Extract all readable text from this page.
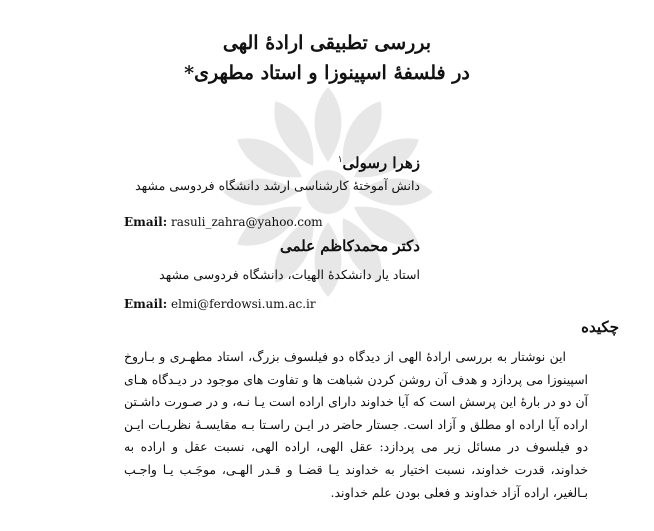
بررسی تطبیقی ارادۀ الهی
در فلسفۀ اسپینوزا و استاد مطهری*
زهرا رسولی$^١$
دانش آموختۀ کارشناسی ارشد دانشگاه فردوسی مشهد
Email: rasuli_zahra@yahoo.com
دکتر محمدکاظم علمی
استاد یار دانشکدۀ الهیات، دانشگاه فردوسی مشهد
Email: elmi@ferdowsi.um.ac.ir
چکیده

این نوشتار به بررسی ارادۀ الهی از دیدگاه دو فیلسوف بزرگ، استاد مطهـری و بـاروخ اسپینوزا می پردازد و هدف آن روشن کردن شباهت ها و تفاوت های موجود در دیـدگاه هـای آن دو در بارۀ این پرسش است که آیا خداوند دارای اراده است یـا نـه، و در صـورت داشـتن اراده آیا اراده او مطلق و آزاد است. جستار حاضر در ایـن راسـتا بـه مقایسـۀ نظریـات ایـن دو فیلسوف در مسائل زیر می پردازد: عقل الهی، اراده الهی، نسبت عقل و اراده به خداوند، قدرت خداوند، نسبت اختیار به خداوند یـا قضـا و قـدر الهـی، موجَـب یـا واجـب بـالغیر، اراده آزاد خداوند و فعلی بودن علم خداوند.
